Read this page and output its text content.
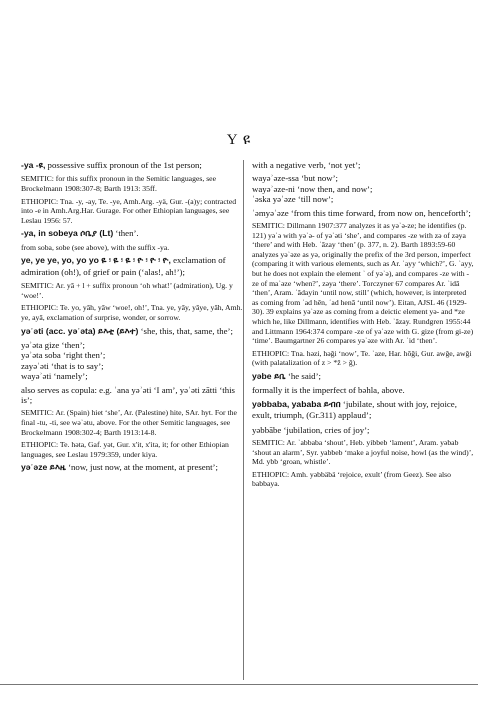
Y ዩ
-ya -ዩ, possessive suffix pronoun of the 1st person;
SEMITIC: for this suffix pronoun in the Semitic languages, see Brockelmann 1908:307-8; Barth 1913: 35ff.
ETHIOPIC: Tna. -y, -ay, Te. -ye, Amh.Arg. -yä, Gur. -(a)y; contracted into -e in Amh.Arg.Har. Gurage. For other Ethiopian languages, see Leslau 1956: 57.
-ya, in sobeya ሶቤያ (Lt) ‘then’.
from soba, sobe (see above), with the suffix -ya.
ye, ye ye, yo, yo yo ዬ ፡ ዬ ፡ ዬ ፡ ዮ ፡ ዮ ፡ ዮ, exclamation of admiration (oh!), of grief or pain (‘alas!, ah!’);
SEMITIC: Ar. yā + l + suffix pronoun ‘oh what!’ (admiration), Ug. y ‘woe!’.
ETHIOPIC: Te. yo, yāh, yāw ‘woe!, oh!’, Tna. ye, yāy, yāye, yāh, Amh. ye, ayā, exclamation of surprise, wonder, or sorrow.
yəʾəti (acc. yəʾəta) ይእቲ (ይእተ) ‘she, this, that, same, the’;
yəʾəta gize ‘then’;
yəʾəta soba ‘right then’;
zayəʾəti ‘that is to say’;
wayəʾəti ‘namely’;
also serves as copula: e.g. ʾana yəʾəti ‘I am’, yəʾəti zātti ‘this is’;
SEMITIC: Ar. (Spain) hiet ‘she’, Ar. (Palestine) hite, SAr. hyt. For the final -tu, -ti, see wəʾətu, above. For the other Semitic languages, see Brockelmann 1908:302-4; Barth 1913:14-8.
ETHIOPIC: Te. həta, Gaf. yət, Gur. x'it, x'ita, it; for other Ethiopian languages, see Leslau 1979:359, under kiya.
yəʾəze ይእዜ ‘now, just now, at the moment, at present’;
with a negative verb, ‘not yet’;
wayəʾəze-ssa ‘but now’;
wayəʾəze-ni ‘now then, and now’;
ʾəska yəʾəze ‘till now’;
ʾəmyəʾəze ‘from this time forward, from now on, henceforth’;
SEMITIC: Dillmann 1907:377 analyzes it as yəʾə-ze; he identifies (p. 121) yəʾə with yəʾə- of yəʾəti ‘she’, and compares -ze with zə of zəya ‘there’ and with Heb. ʾāzay ‘then’ (p. 377, n. 2). Barth 1893:59-60 analyzes yəʾəze as yə, originally the prefix of the 3rd person, imperfect (comparing it with various elements, such as Ar. ʾayy ‘which?’, G. ʾayy, but he does not explain the element ʾ of yəʾə), and compares -ze with -ze of maʾəze ‘when?’, zəya ‘there’. Torczyner 67 compares Ar. ʾidā ‘then’, Aram. ʾădayin ‘until now, still’ (which, however, is interpreted as coming from ʿad hēn, ʿad henā ‘until now’). Eitan, AJSL 46 (1929-30). 39 explains yəʾəze as coming from a deictic element yə- and *ze which he, like Dillmann, identifies with Heb. ʾāzay. Rundgren 1955:44 and Littmann 1964:374 compare -ze of yəʾəze with G. gize (from gi-ze) ‘time’. Baumgartner 26 compares yəʾəze with Ar. ʾid ‘then’.
ETHIOPIC: Tna. həzi, həǧi ‘now’, Te. ʾaze, Har. hōǧi, Gur. awǧe, awǧi (with palatalization of z > *ž > ǧ).
yəbe ይቤ ‘he said’;
formally it is the imperfect of bəhla, above.
yəbbaba, yababa ይብበ ‘jubilate, shout with joy, rejoice, exult, triumph, (Gr.311) applaud’;
yəbbābe ‘jubilation, cries of joy’;
SEMITIC: Ar. ʾabbaba ‘shout’, Heb. yibbeb ‘lament’, Aram. yəbab ‘shout an alarm’, Syr. yabbeb ‘make a joyful noise, howl (as the wind)’, Md. ybb ‘groan, whistle’.
ETHIOPIC: Amh. yəbbäbä ‘rejoice, exult’ (from Geez). See also babbaya.
